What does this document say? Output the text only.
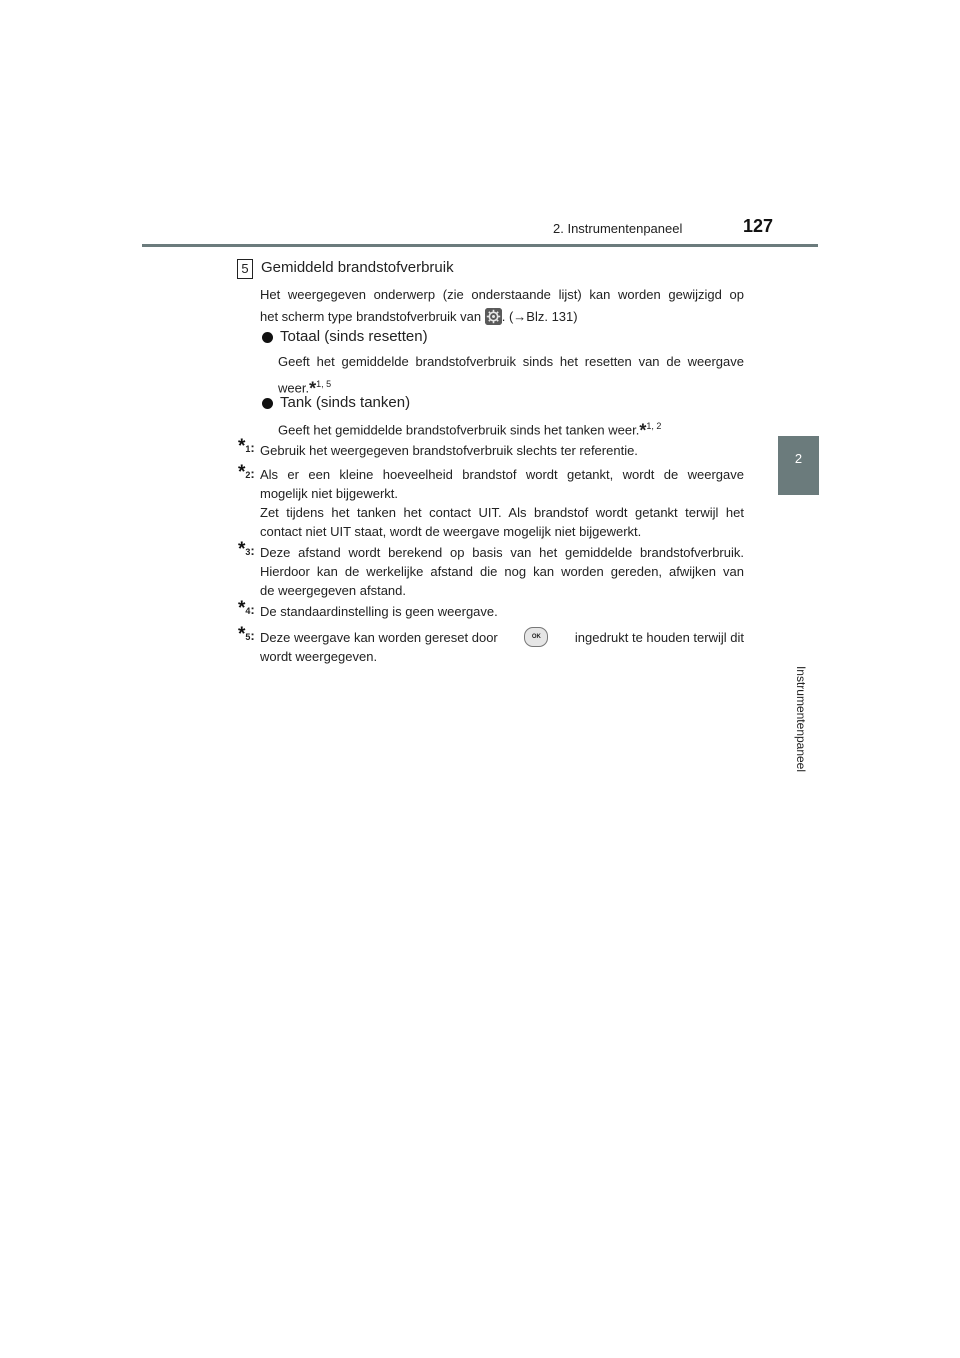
2. Instrumentenpaneel	127
2
Instrumentenpaneel
5 Gemiddeld brandstofverbruik
Het weergegeven onderwerp (zie onderstaande lijst) kan worden gewijzigd op
het scherm type brandstofverbruik van . (→Blz. 131)
Totaal (sinds resetten)
Geeft het gemiddelde brandstofverbruik sinds het resetten van de weergave
weer.*$^{1, 5}$
Tank (sinds tanken)
Geeft het gemiddelde brandstofverbruik sinds het tanken weer.*$^{1, 2}$
*1: Gebruik het weergegeven brandstofverbruik slechts ter referentie.
*2: Als er een kleine hoeveelheid brandstof wordt getankt, wordt de weergave
mogelijk niet bijgewerkt.
Zet tijdens het tanken het contact UIT. Als brandstof wordt getankt terwijl het
contact niet UIT staat, wordt de weergave mogelijk niet bijgewerkt.
*3: Deze afstand wordt berekend op basis van het gemiddelde brandstofverbruik.
Hierdoor kan de werkelijke afstand die nog kan worden gereden, afwijken van
de weergegeven afstand.
*4: De standaardinstelling is geen weergave.
*5: Deze weergave kan worden gereset door	OK	ingedrukt te houden terwijl dit
wordt weergegeven.
